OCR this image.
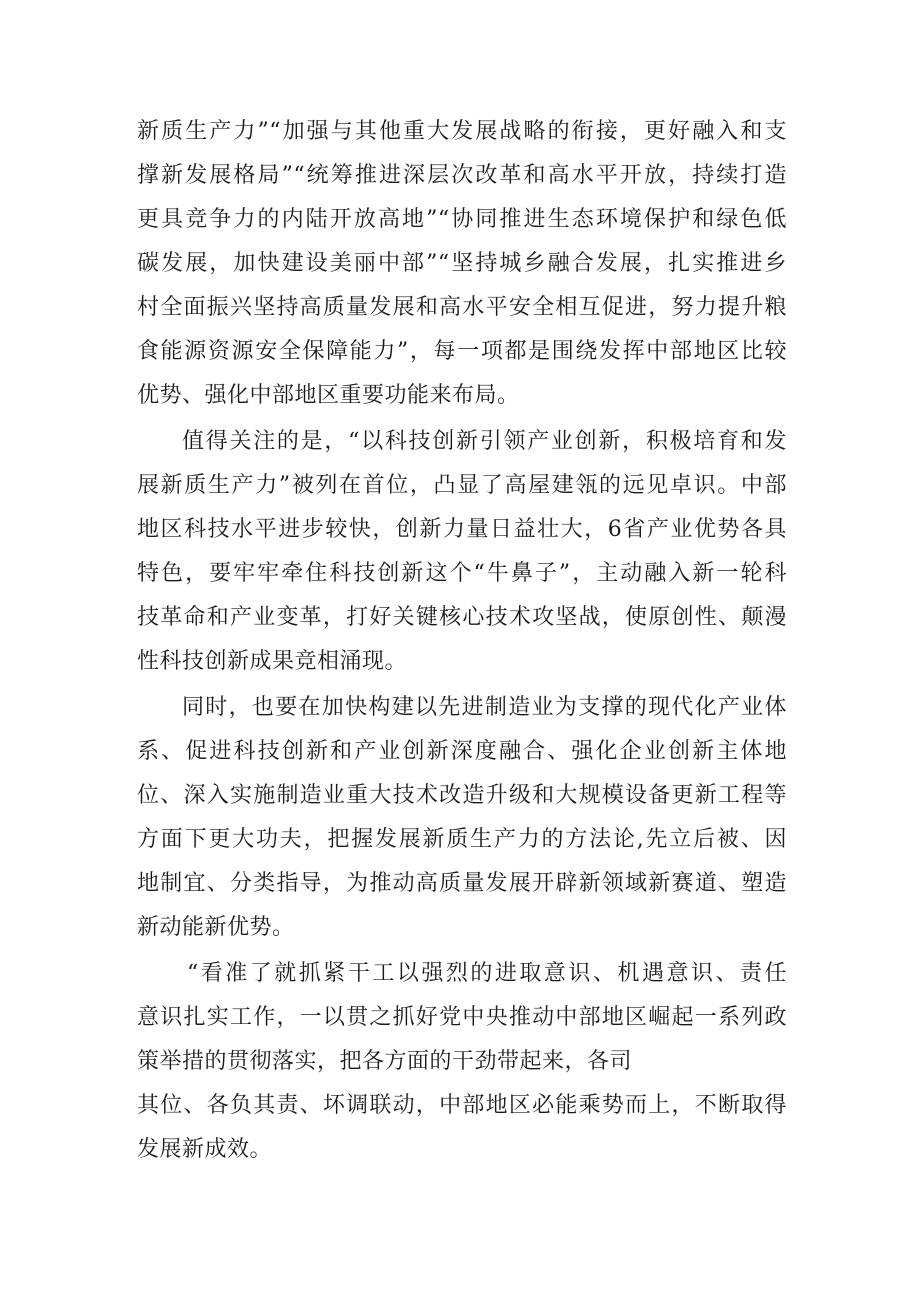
新质生产力”“加强与其他重大发展战略的衔接，更好融入和支
撑新发展格局”“统筹推进深层次改革和高水平开放，持续打造
更具竞争力的内陆开放高地”“协同推进生态环境保护和绿色低
碳发展，加快建设美丽中部”“坚持城乡融合发展，扎实推进乡
村全面振兴坚持高质量发展和高水平安全相互促进，努力提升粮
食能源资源安全保障能力”，每一项都是围绕发挥中部地区比较
优势、强化中部地区重要功能来布局。
值得关注的是，“以科技创新引领产业创新，积极培育和发
展新质生产力”被列在首位，凸显了高屋建瓴的远见卓识。中部
地区科技水平进步较快，创新力量日益壮大，6省产业优势各具
特色，要牢牢牵住科技创新这个“牛鼻子”，主动融入新一轮科
技革命和产业变革，打好关键核心技术攻坚战，使原创性、颠漫
性科技创新成果竞相涌现。
同时，也要在加快构建以先进制造业为支撑的现代化产业体
系、促进科技创新和产业创新深度融合、强化企业创新主体地
位、深入实施制造业重大技术改造升级和大规模设备更新工程等
方面下更大功夫，把握发展新质生产力的方法论,先立后被、因
地制宜、分类指导，为推动高质量发展开辟新领域新赛道、塑造
新动能新优势。
“看准了就抓紧干工以强烈的进取意识、机遇意识、责任
意识扎实工作，一以贯之抓好党中央推动中部地区崛起一系列政
策举措的贯彻落实，把各方面的干劲带起来，各司
其位、各负其责、坏调联动，中部地区必能乘势而上，不断取得
发展新成效。
